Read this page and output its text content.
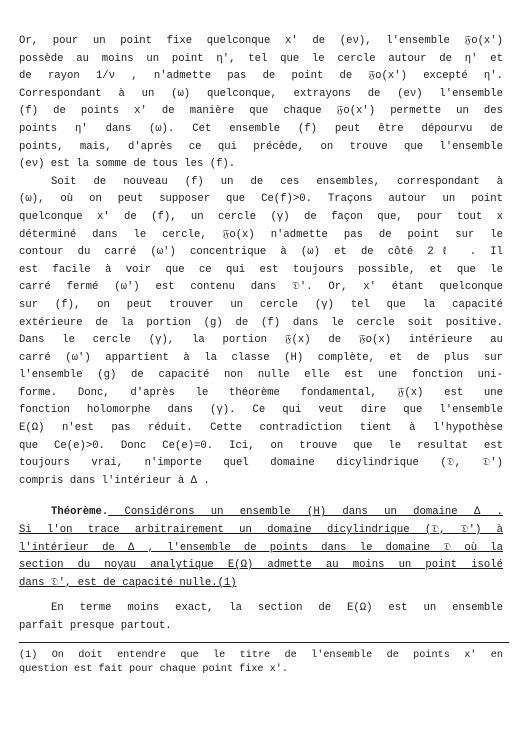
Or, pour un point fixe quelconque x' de (eν), l'ensemble 𝔉o(x')
possède au moins un point η', tel que le cercle autour de η' et
de rayon 1/ν , n'admette pas de point de 𝔉o(x') excepté η'.
Correspondant à un (ω) quelconque, extrayons de (eν) l'ensemble
(f) de points x' de manière que chaque 𝔉o(x') permette un des
points η' dans (ω). Cet ensemble (f) peut être dépourvu de
points, mais, d'après ce qui précède, on trouve que l'ensemble
(eν) est la somme de tous les (f).
Soit de nouveau (f) un de ces ensembles, correspondant à
(ω), où on peut supposer que Ce(f)>0. Traçons autour un point
quelconque x' de (f), un cercle (γ) de façon que, pour tout x
déterminé dans le cercle, 𝔉o(x) n'admette pas de point sur le
contour du carré (ω') concentrique à (ω) et de côté 2ℓ . Il
est facile à voir que ce qui est toujours possible, et que le
carré fermé (ω') est contenu dans 𝔇'. Or, x' étant quelconque
sur (f), on peut trouver un cercle (γ) tel que la capacité
extérieure de la portion (g) de (f) dans le cercle soit positive.
Dans le cercle (γ), la portion 𝔉(x) de 𝔉o(x) intérieure au
carré (ω') appartient à la classe (H) complète, et de plus sur
l'ensemble (g) de capacité non nulle elle est une fonction uni-
forme. Donc, d'après le théorème fondamental, 𝔉(x) est une
fonction holomorphe dans (γ). Ce qui veut dire que l'ensemble
E(Ω) n'est pas réduit. Cette contradiction tient à l'hypothèse
que Ce(e)>0. Donc Ce(e)=0. Ici, on trouve que le resultat est
toujours vrai, n'importe quel domaine dicylindrique (𝔇, 𝔇')
compris dans l'intérieur à Δ .
Théorème. Considérons un ensemble (H) dans un domaine Δ .
Si l'on trace arbitrairement un domaine dicylindrique (𝔇, 𝔇') à
l'intérieur de Δ , l'ensemble de points dans le domaine 𝔇 où la
section du noyau analytique E(Ω) admette au moins un point isolé
dans 𝔇', est de capacité nulle.(1)
En terme moins exact, la section de E(Ω) est un ensemble
parfait presque partout.
(1) On doit entendre que le titre de l'ensemble de points x' en
question est fait pour chaque point fixe x'.
